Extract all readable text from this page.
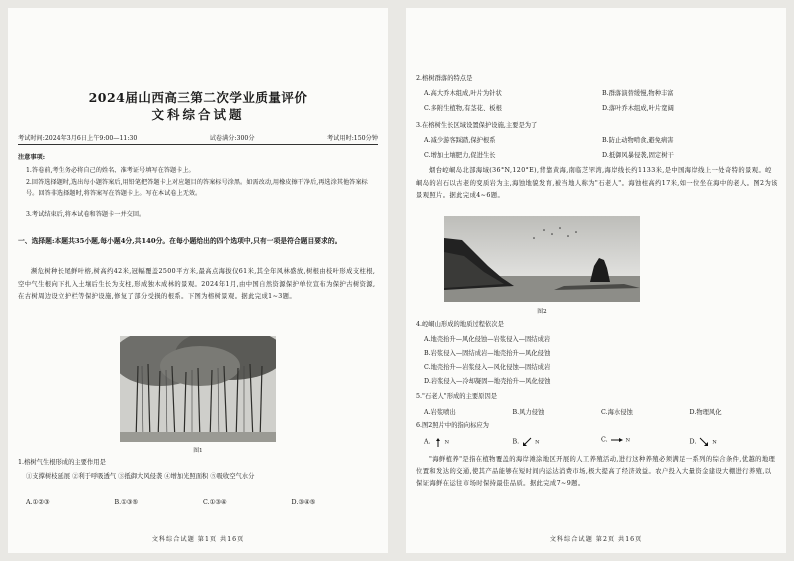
2024届山西高三第二次学业质量评价
文科综合试题
考试时间:2024年3月6日上午9:00—11:30	试卷满分:300分	考试用时:150分钟
注意事项:
1.答卷前,考生务必将自己的姓名、准考证号填写在答题卡上。
2.回答选择题时,选出每小题答案后,用铅笔把答题卡上对应题目的答案标号涂黑。如需改动,用橡皮擦干净后,再选涂其他答案标号。回答非选择题时,将答案写在答题卡上。写在本试卷上无效。
3.考试结束后,将本试卷和答题卡一并交回。
一、选择题:本题共35小题,每小题4分,共140分。在每小题给出的四个选项中,只有一项是符合题目要求的。
濒危树种长尾鲜叶榕,树高约42米,冠幅覆盖2500平方米,最高点海拔仅61米,其全年风林盛放,树根由枝叶形成支柱根,空中气生根向下扎入土壤后生长为支柱,形成独木成林的景观。2024年1月,由中国自然资源保护单位宣布为保护古树资源,在古树周边设立护栏等保护设施,修复了部分受损的根系。下图为榕树景观。据此完成1~3题。
图1
1.榕树气生根形成的主要作用是
①支撑树枝延展 ②利于呼吸透气 ③抵御大风侵袭 ④增加光照面积 ⑤吸收空气水分
A.①②③	B.①③⑤	C.①③④	D.③④⑤
文科综合试题 第1页 共16页
2.榕树群落的特点是
A.高大乔木组成,叶片为针状	B.群落演替缓慢,物种丰富
C.多附生植物,有茎花、板根	D.落叶乔木组成,叶片宽阔
3.在榕树生长区域设置保护设施,主要是为了
A.减少游客踩踏,保护根系	B.防止动物啃食,避免病害
C.增加土壤肥力,促进生长	D.抵御风暴侵袭,固定树干
烟台崆峒岛北部海域(36°N,120°E),背靠黄海,南临芝罘湾,海岸线长约1133米,是中国海岸线上一处奇特的景观。崆峒岛的岩石以古老的变质岩为主,海蚀地貌发育,被当地人称为"石老人"。海蚀柱高约17米,如一位坐在海中的老人。图2为该景观照片。据此完成4~6题。
图2
4.崆峒山形成的地质过程依次是
A.地壳抬升—风化侵蚀—岩浆侵入—固结成岩
B.岩浆侵入—固结成岩—地壳抬升—风化侵蚀
C.地壳抬升—岩浆侵入—风化侵蚀—固结成岩
D.岩浆侵入—冷却凝固—地壳抬升—风化侵蚀
5."石老人"形成的主要原因是
A.岩浆喷出	B.风力侵蚀	C.海水侵蚀	D.物理风化
6.图2照片中的指向标应为
A.	N	B.	N	C.	N	D.	N
"海鲜植养"是指在植物覆盖的海岸滩涂地区开展的人工养殖活动,进行这种养殖必须满足一系列的综合条件,优越的地理位置和发达的交通,使其产品能够在短时间内运达消费市场,极大提高了经济效益。农户投入大量资金建设大棚进行养殖,以保证海鲜在运往市场时保持最佳品质。据此完成7~9题。
文科综合试题 第2页 共16页
